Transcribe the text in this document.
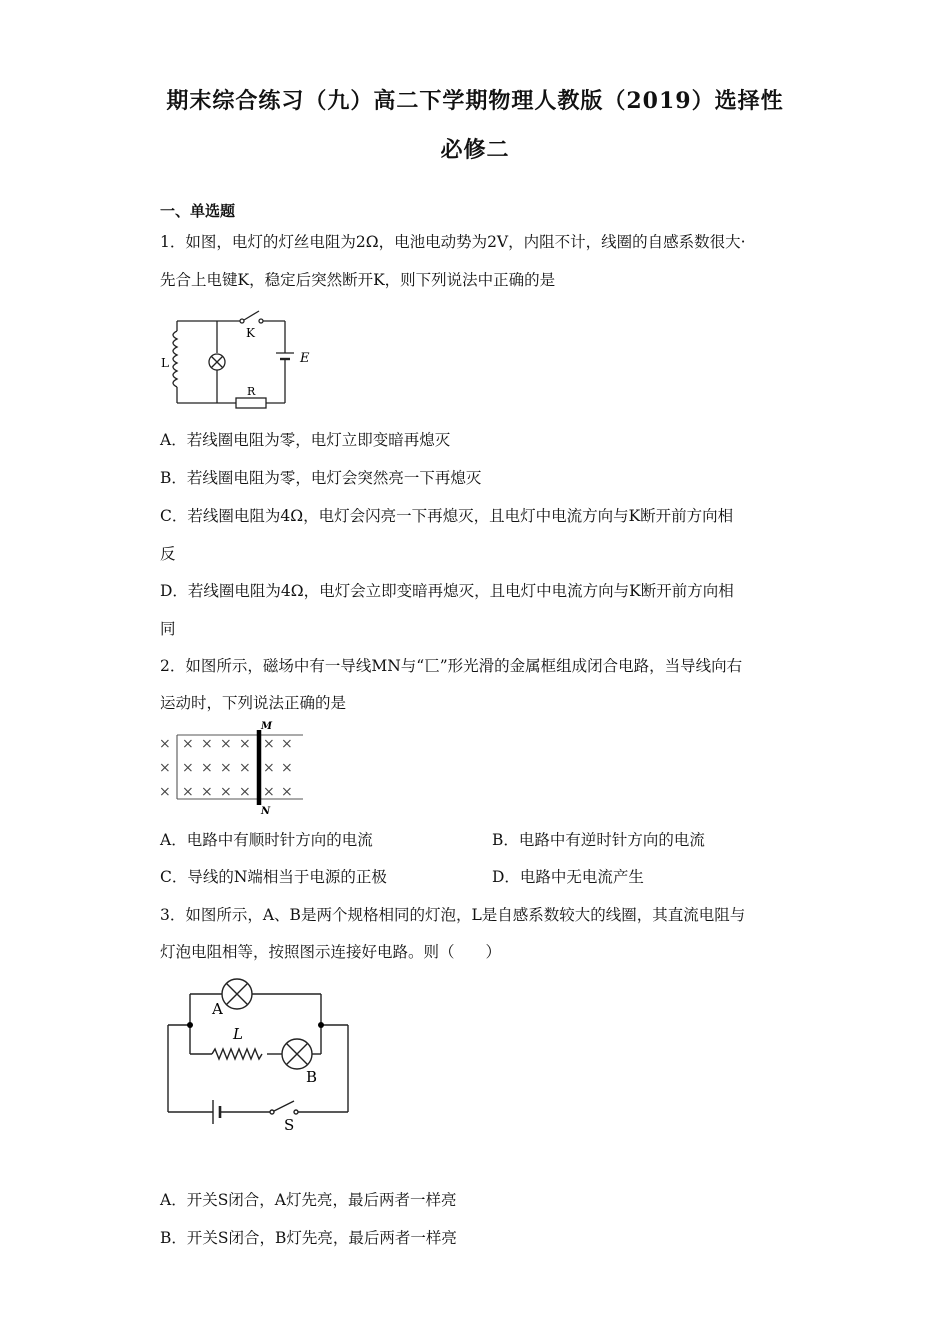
期末综合练习（九）高二下学期物理人教版（2019）选择性
必修二
一、单选题
1．如图，电灯的灯丝电阻为2Ω，电池电动势为2V，内阻不计，线圈的自感系数很大·
先合上电键K，稳定后突然断开K，则下列说法中正确的是
L
K
E
R
A．若线圈电阻为零，电灯立即变暗再熄灭
B．若线圈电阻为零，电灯会突然亮一下再熄灭
C．若线圈电阻为4Ω，电灯会闪亮一下再熄灭，且电灯中电流方向与K断开前方向相
反
D．若线圈电阻为4Ω，电灯会立即变暗再熄灭，且电灯中电流方向与K断开前方向相
同
2．如图所示，磁场中有一导线MN与“匸”形光滑的金属框组成闭合电路，当导线向右
运动时，下列说法正确的是
× × × × × × ×
× × × × × × ×
× × × × × × ×
M
N
A．电路中有顺时针方向的电流	B．电路中有逆时针方向的电流
C．导线的N端相当于电源的正极	D．电路中无电流产生
3．如图所示，A、B是两个规格相同的灯泡，L是自感系数较大的线圈，其直流电阻与
灯泡电阻相等，按照图示连接好电路。则（　　）
A
L
B
S
A．开关S闭合，A灯先亮，最后两者一样亮
B．开关S闭合，B灯先亮，最后两者一样亮
